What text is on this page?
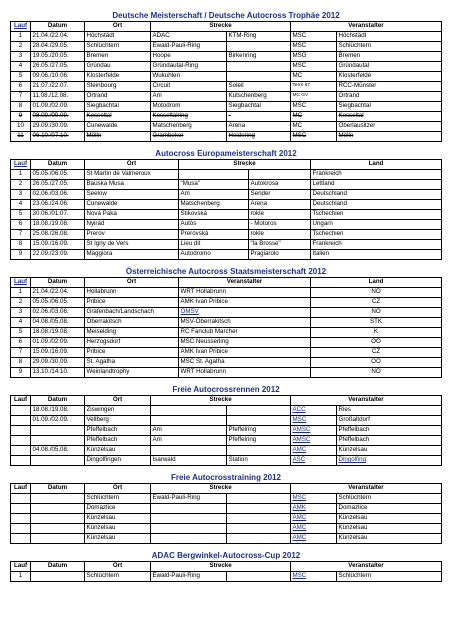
Deutsche Meisterschaft / Deutsche Autocross Trophäe 2012
Lauf	Datum	Ort	Strecke		Veranstalter	
1	21.04./22.04.	Höchstädt	ADAC	KTM-Ring	MSC	Höchstädt
2	28.04./29.05.	Schlüchtern	Ewald-Pauli-Ring		MSC	Schlüchtern
3	19.05./20.05.	Bremen	Hoope	Birkenring	MSG	Bremen
4	26.05./27.05.	Gründau	Gründautal-Ring		MSC	Gründautal
5	09.06./10.06.	Klosterfelde	Wukuhlen		MC	Klosterfelde
6	21.07./22.07.	Steinbourg	Circuit	Soleil	Terre 67	RCC-Münster
7	11.08./12.08.	Ortrand	Am	Kutschenberg	MC GV	Ortrand
8	01.09./02.09.	Siegbachtal	Motodrom	Siegbachtal	MSC	Siegbachtal
9	08.09./09.09.	Kesseltal	Kesseltalring	-	MC	Kesseltal
10	29.09./30.09.	Cunewalde	Matschenberg	Arena	MC	Oberlausitzer
11	06.10./07.10.	Mölln	Grambeker	Heidering	MSC	Mölln
Autocross Europameisterschaft 2012
Lauf	Datum	Ort	Strecke		Land
1	05.05./06.05.	St Martin de Valmeroux			Frankreich
2	26.05./27.05.	Bauska Musa	"Musa"	Autokrosa	Lettland
3	02.06./03.06.	Seelow	Am	Sender	Deutschland
4	23.06./24.06.	Cunewalde	Matschenberg	Arena	Deutschland
5	30.06./01.07.	Nová Paka	Stikovská	rokle	Tschechien
6	18.08./19.08.	Nyirád	Autós	- Motoros	Ungarn
7	25.08./26.08.	Prerov	Prerovská	rokle	Tschechien
8	15.09./16.09.	St Igny de Vers	Lieu dit	"la Brosse"	Frankreich
9	22.09./23.09.	Maggiora	Autodromo	Pragiarolo	Italien
Österreichische Autocross Staatsmeisterschaft 2012
Lauf	Datum	Ort	Veranstalter	Land
1	21.04./22.04.	Hollabrunn	WRT Hollabrunn	NÖ
2	05.05./06.05.	Pribice	AMK Ivan Pribice	CZ
3	02.06./03.06.	Grafenbach/Landschach	ÖMSV	NÖ
4	04.08./05.08.	Oberrakitsch	MSV-Oberrakitsch	STK
5	18.08./19.08.	Meiselding	RC Fanclub Marcher	K
6	01.09./02.09.	Herzogsdorf	MSC Neusserling	OÖ
7	15.09./16.09.	Pribice	AMK Ivan Pribice	CZ
8	29.09./30.09.	St. Agatha	MSC St. Agatha	OÖ
9	13.10./14.10.	Weinlandtrophy	WRT Hollabrunn	NÖ
Freie Autocrossrennen 2012
Lauf	Datum	Ort	Strecke		Veranstalter	
	18.08./19.08.	Ziswingen			ACC	Ries
	01.09./02.09.	Vellberg			MSC	Großaltdorf
		Pfeffelbach	Am	Pfeffelring	AMSC	Pfeffelbach
		Pfeffelbach	Am	Pfeffelring	AMSC	Pfeffelbach
	04.08./05.08.	Künzelsau			AMC	Künzelsau
		Dingolfingen	Isarwald	Station	ASC	Dingolfing
Freie Autocrosstraining 2012
Lauf	Datum	Ort	Strecke		Veranstalter	
		Schlüchtern	Ewald-Pauli-Ring		MSC	Schlüchtern
		Domazlice			AMK	Domazlice
		Künzelsau			AMC	Künzelsau
		Künzelsau			AMC	Künzelsau
		Künzelsau			AMC	Künzelsau
ADAC Bergwinkel-Autocross-Cup 2012
Lauf	Datum	Ort	Strecke		Veranstalter	
1		Schlüchtern	Ewald-Pauli-Ring		MSC	Schlüchtern
